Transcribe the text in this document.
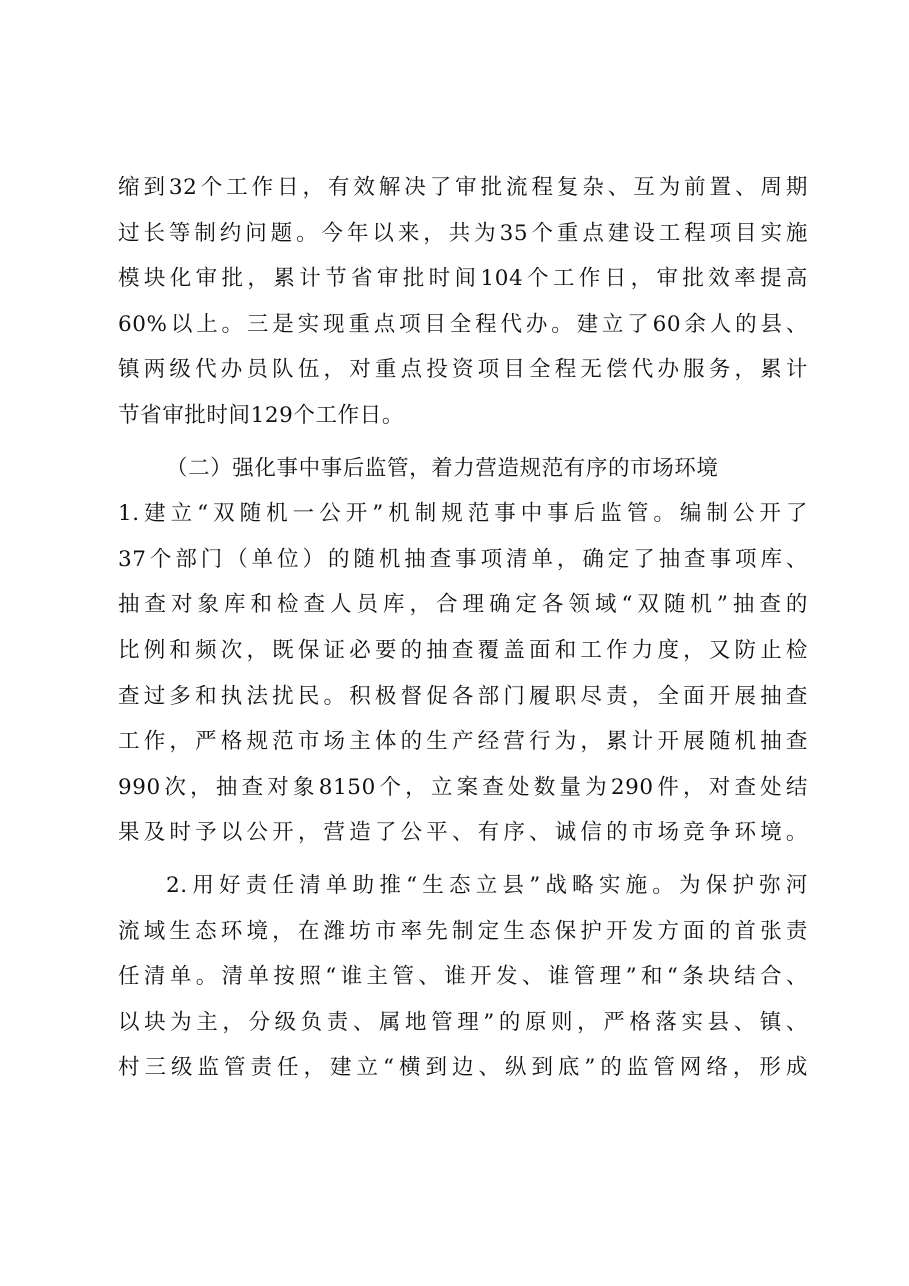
缩到32个工作日，有效解决了审批流程复杂、互为前置、周期
过长等制约问题。今年以来，共为35个重点建设工程项目实施
模块化审批，累计节省审批时间104个工作日，审批效率提高
60%以上。三是实现重点项目全程代办。建立了60余人的县、
镇两级代办员队伍，对重点投资项目全程无偿代办服务，累计
节省审批时间129个工作日。
（二）强化事中事后监管，着力营造规范有序的市场环境
1.建立“双随机一公开”机制规范事中事后监管。编制公开了
37个部门（单位）的随机抽查事项清单，确定了抽查事项库、
抽查对象库和检查人员库，合理确定各领域“双随机”抽查的
比例和频次，既保证必要的抽查覆盖面和工作力度，又防止检
查过多和执法扰民。积极督促各部门履职尽责，全面开展抽查
工作，严格规范市场主体的生产经营行为，累计开展随机抽查
990次，抽查对象8150个，立案查处数量为290件，对查处结
果及时予以公开，营造了公平、有序、诚信的市场竞争环境。
2.用好责任清单助推“生态立县”战略实施。为保护弥河
流域生态环境，在潍坊市率先制定生态保护开发方面的首张责
任清单。清单按照“谁主管、谁开发、谁管理”和“条块结合、
以块为主，分级负责、属地管理”的原则，严格落实县、镇、
村三级监管责任，建立“横到边、纵到底”的监管网络，形成
